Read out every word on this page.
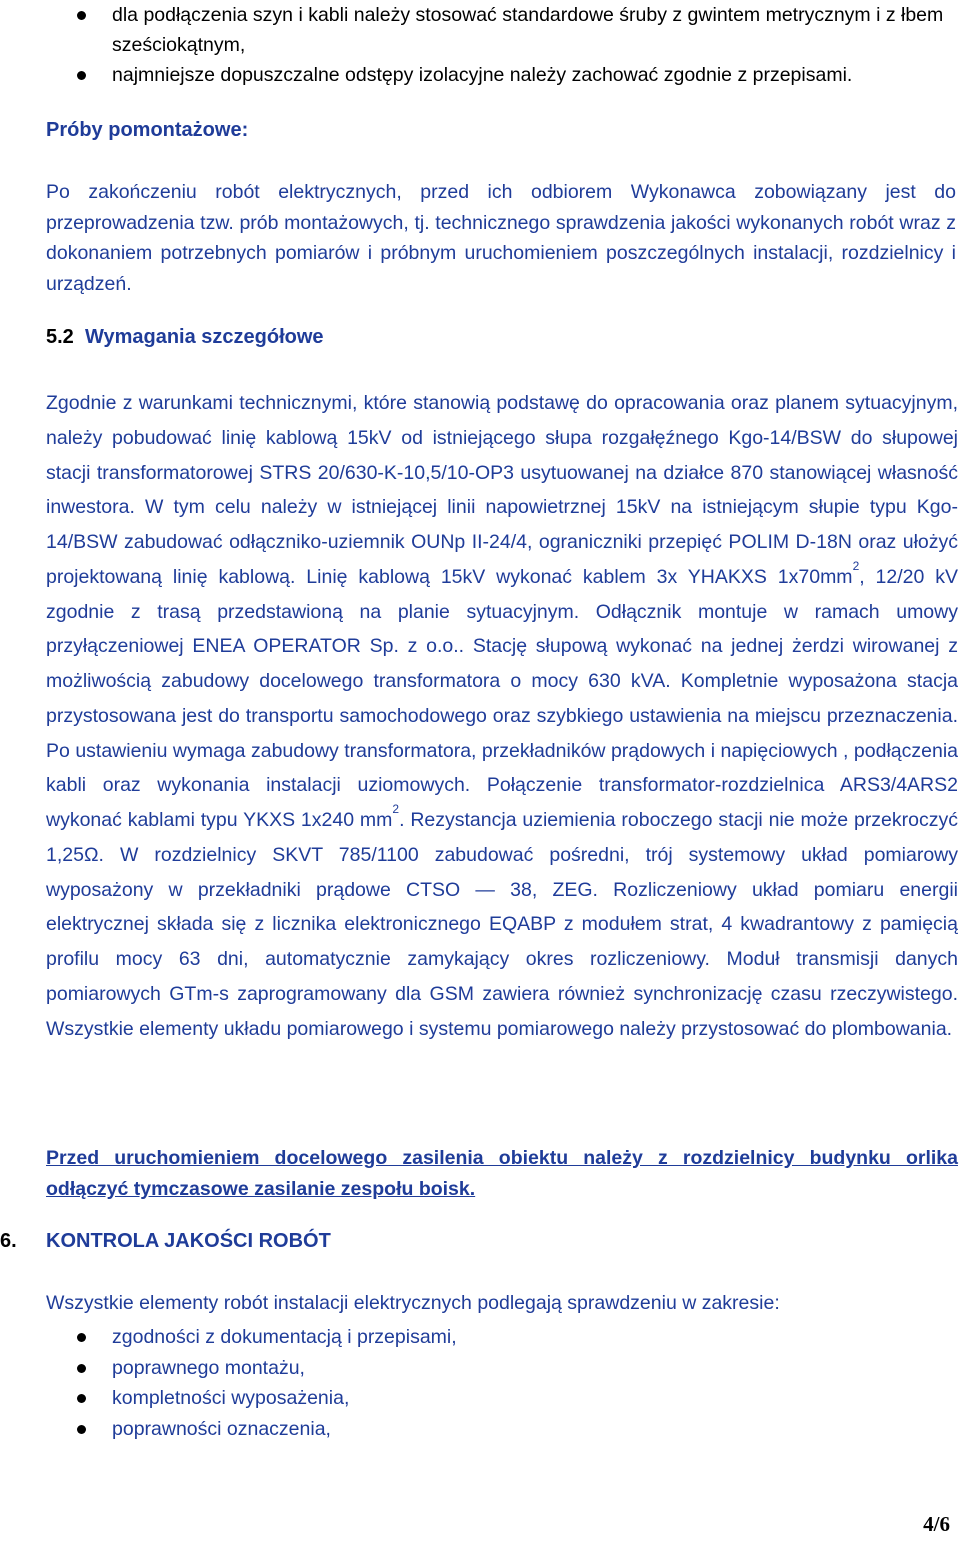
dla podłączenia szyn i kabli należy stosować standardowe śruby z gwintem metrycznym i z łbem sześciokątnym,
najmniejsze dopuszczalne odstępy izolacyjne należy zachować zgodnie z przepisami.

Próby pomontażowe:

Po zakończeniu robót elektrycznych, przed ich odbiorem Wykonawca zobowiązany jest do przeprowadzenia tzw. prób montażowych, tj. technicznego sprawdzenia jakości wykonanych robót wraz z dokonaniem potrzebnych pomiarów i próbnym uruchomieniem poszczególnych instalacji, rozdzielnicy i urządzeń.

5.2 Wymagania szczegółowe

Zgodnie z warunkami technicznymi, które stanowią podstawę do opracowania oraz planem sytuacyjnym, należy pobudować linię kablową 15kV od istniejącego słupa rozgałęźnego Kgo-14/BSW do słupowej stacji transformatorowej STRS 20/630-K-10,5/10-OP3 usytuowanej na działce 870 stanowiącej własność inwestora. W tym celu należy w istniejącej linii napowietrznej 15kV na istniejącym słupie typu Kgo-14/BSW zabudować odłączniko-uziemnik OUNp II-24/4, ograniczniki przepięć POLIM D-18N oraz ułożyć projektowaną linię kablową. Linię kablową 15kV wykonać kablem 3x YHAKXS $1x70mm^2$, 12/20 kV zgodnie z trasą przedstawioną na planie sytuacyjnym. Odłącznik montuje w ramach umowy przyłączeniowej ENEA OPERATOR Sp. z o.o.. Stację słupową wykonać na jednej żerdzi wirowanej z możliwością zabudowy docelowego transformatora o mocy 630 kVA. Kompletnie wyposażona stacja przystosowana jest do transportu samochodowego oraz szybkiego ustawienia na miejscu przeznaczenia. Po ustawieniu wymaga zabudowy transformatora, przekładników prądowych i napięciowych , podłączenia kabli oraz wykonania instalacji uziomowych. Połączenie transformator-rozdzielnica ARS3/4ARS2 wykonać kablami typu YKXS 1x240 $mm^2$. Rezystancja uziemienia roboczego stacji nie może przekroczyć 1,25Ω. W rozdzielnicy SKVT 785/1100 zabudować pośredni, trój systemowy układ pomiarowy wyposażony w przekładniki prądowe CTSO — 38, ZEG. Rozliczeniowy układ pomiaru energii elektrycznej składa się z licznika elektronicznego EQABP z modułem strat, 4 kwadrantowy z pamięcią profilu mocy 63 dni, automatycznie zamykający okres rozliczeniowy. Moduł transmisji danych pomiarowych GTm-s zaprogramowany dla GSM zawiera również synchronizację czasu rzeczywistego. Wszystkie elementy układu pomiarowego i systemu pomiarowego należy przystosować do plombowania.

Przed uruchomieniem docelowego zasilenia obiektu należy z rozdzielnicy budynku orlika odłączyć tymczasowe zasilanie zespołu boisk.

6. KONTROLA JAKOŚCI ROBÓT

Wszystkie elementy robót instalacji elektrycznych podlegają sprawdzeniu w zakresie:

zgodności z dokumentacją i przepisami,
poprawnego montażu,
kompletności wyposażenia,
poprawności oznaczenia,
4/6
